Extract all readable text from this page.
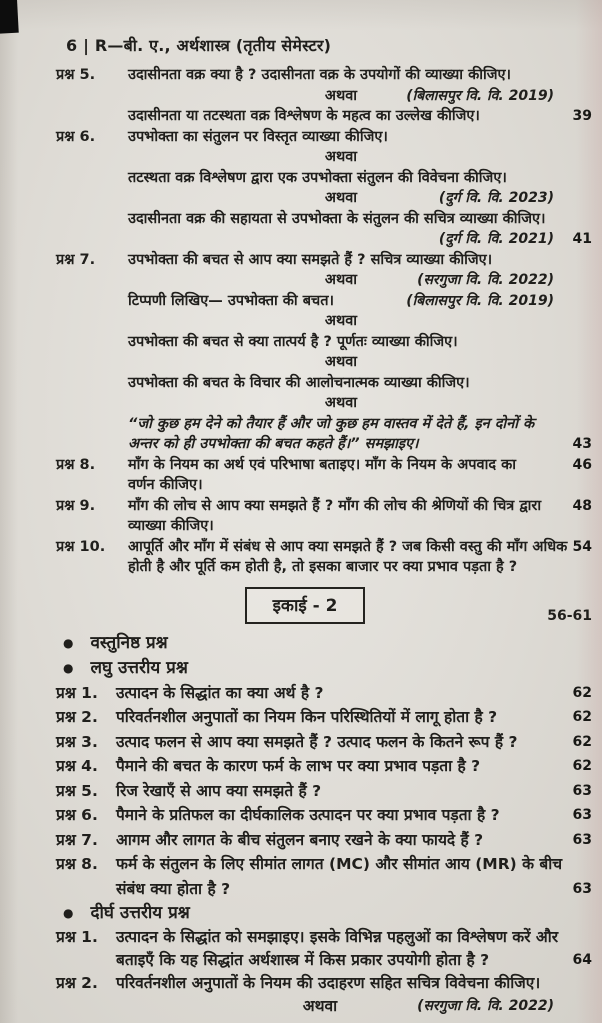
6 | R—बी. ए., अर्थशास्त्र (तृतीय सेमेस्टर)
प्रश्न 5. उदासीनता वक्र क्या है ? उदासीनता वक्र के उपयोगों की व्याख्या कीजिए।
अथवा	(बिलासपुर वि. वि. 2019)
उदासीनता या तटस्थता वक्र विश्लेषण के महत्व का उल्लेख कीजिए।	39
प्रश्न 6. उपभोक्ता का संतुलन पर विस्तृत व्याख्या कीजिए।
अथवा
तटस्थता वक्र विश्लेषण द्वारा एक उपभोक्ता संतुलन की विवेचना कीजिए।
अथवा	(दुर्ग वि. वि. 2023)
उदासीनता वक्र की सहायता से उपभोक्ता के संतुलन की सचित्र व्याख्या कीजिए।
(दुर्ग वि. वि. 2021)	41
प्रश्न 7. उपभोक्ता की बचत से आप क्या समझते हैं ? सचित्र व्याख्या कीजिए।
अथवा	(सरगुजा वि. वि. 2022)
टिप्पणी लिखिए— उपभोक्ता की बचत।	(बिलासपुर वि. वि. 2019)
अथवा
उपभोक्ता की बचत से क्या तात्पर्य है ? पूर्णतः व्याख्या कीजिए।
अथवा
उपभोक्ता की बचत के विचार की आलोचनात्मक व्याख्या कीजिए।
अथवा
“जो कुछ हम देने को तैयार हैं और जो कुछ हम वास्तव में देते हैं, इन दोनों के
अन्तर को ही उपभोक्ता की बचत कहते हैं।” समझाइए।	43
प्रश्न 8. माँग के नियम का अर्थ एवं परिभाषा बताइए। माँग के नियम के अपवाद का	46
वर्णन कीजिए।
प्रश्न 9. माँग की लोच से आप क्या समझते हैं ? माँग की लोच की श्रेणियों की चित्र द्वारा	48
व्याख्या कीजिए।
प्रश्न 10. आपूर्ति और माँग में संबंध से आप क्या समझते हैं ? जब किसी वस्तु की माँग अधिक 54
होती है और पूर्ति कम होती है, तो इसका बाजार पर क्या प्रभाव पड़ता है ?
इकाई - 2	56-61
● वस्तुनिष्ठ प्रश्न
● लघु उत्तरीय प्रश्न
प्रश्न 1. उत्पादन के सिद्धांत का क्या अर्थ है ?	62
प्रश्न 2. परिवर्तनशील अनुपातों का नियम किन परिस्थितियों में लागू होता है ?	62
प्रश्न 3. उत्पाद फलन से आप क्या समझते हैं ? उत्पाद फलन के कितने रूप हैं ?	62
प्रश्न 4. पैमाने की बचत के कारण फर्म के लाभ पर क्या प्रभाव पड़ता है ?	62
प्रश्न 5. रिज रेखाएँ से आप क्या समझते हैं ?	63
प्रश्न 6. पैमाने के प्रतिफल का दीर्घकालिक उत्पादन पर क्या प्रभाव पड़ता है ?	63
प्रश्न 7. आगम और लागत के बीच संतुलन बनाए रखने के क्या फायदे हैं ?	63
प्रश्न 8. फर्म के संतुलन के लिए सीमांत लागत (MC) और सीमांत आय (MR) के बीच
संबंध क्या होता है ?	63
● दीर्घ उत्तरीय प्रश्न
प्रश्न 1. उत्पादन के सिद्धांत को समझाइए। इसके विभिन्न पहलुओं का विश्लेषण करें और
बताइएँ कि यह सिद्धांत अर्थशास्त्र में किस प्रकार उपयोगी होता है ?	64
प्रश्न 2. परिवर्तनशील अनुपातों के नियम की उदाहरण सहित सचित्र विवेचना कीजिए।
अथवा	(सरगुजा वि. वि. 2022)
